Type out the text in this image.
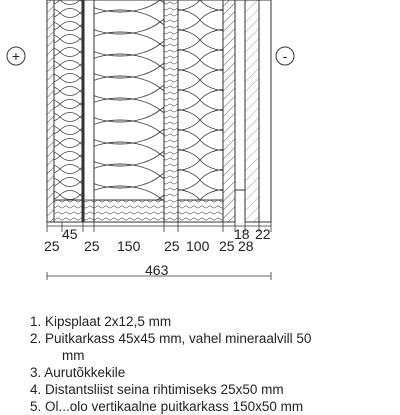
+	-
45	18 22
25 25 150 25 100 25 28
463
1. Kipsplaat 2x12,5 mm
2. Puitkarkass 45x45 mm, vahel mineraalvill 50
mm
3. Aurutõkkekile
4. Distantsliist seina rihtimiseks 25x50 mm
5. Ol...olo vertikaalne puitkarkass 150x50 mm
